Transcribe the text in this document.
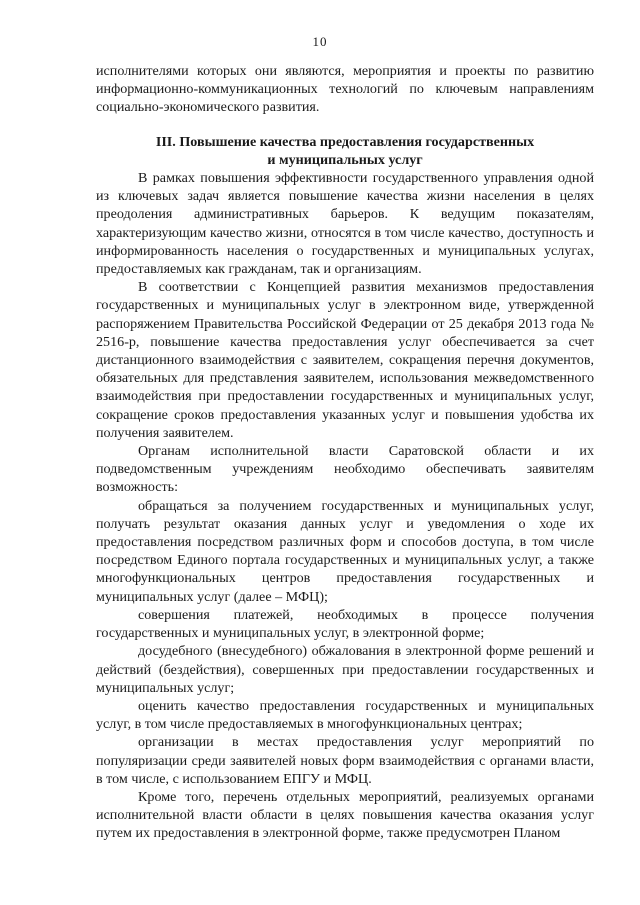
10

исполнителями которых они являются, мероприятия и проекты по развитию информационно-коммуникационных технологий по ключевым направлениям социально-экономического развития.

III. Повышение качества предоставления государственных
и муниципальных услуг

В рамках повышения эффективности государственного управления одной из ключевых задач является повышение качества жизни населения в целях преодоления административных барьеров. К ведущим показателям, характеризующим качество жизни, относятся в том числе качество, доступность и информированность населения о государственных и муниципальных услугах, предоставляемых как гражданам, так и организациям.

В соответствии с Концепцией развития механизмов предоставления государственных и муниципальных услуг в электронном виде, утвержденной распоряжением Правительства Российской Федерации от 25 декабря 2013 года № 2516-р, повышение качества предоставления услуг обеспечивается за счет дистанционного взаимодействия с заявителем, сокращения перечня документов, обязательных для представления заявителем, использования межведомственного взаимодействия при предоставлении государственных и муниципальных услуг, сокращение сроков предоставления указанных услуг и повышения удобства их получения заявителем.

Органам исполнительной власти Саратовской области и их подведомственным учреждениям необходимо обеспечивать заявителям возможность:

обращаться за получением государственных и муниципальных услуг, получать результат оказания данных услуг и уведомления о ходе их предоставления посредством различных форм и способов доступа, в том числе посредством Единого портала государственных и муниципальных услуг, а также многофункциональных центров предоставления государственных и муниципальных услуг (далее – МФЦ);

совершения платежей, необходимых в процессе получения государственных и муниципальных услуг, в электронной форме;

досудебного (внесудебного) обжалования в электронной форме решений и действий (бездействия), совершенных при предоставлении государственных и муниципальных услуг;

оценить качество предоставления государственных и муниципальных услуг, в том числе предоставляемых в многофункциональных центрах;

организации в местах предоставления услуг мероприятий по популяризации среди заявителей новых форм взаимодействия с органами власти, в том числе, с использованием ЕПГУ и МФЦ.

Кроме того, перечень отдельных мероприятий, реализуемых органами исполнительной власти области в целях повышения качества оказания услуг путем их предоставления в электронной форме, также предусмотрен Планом
